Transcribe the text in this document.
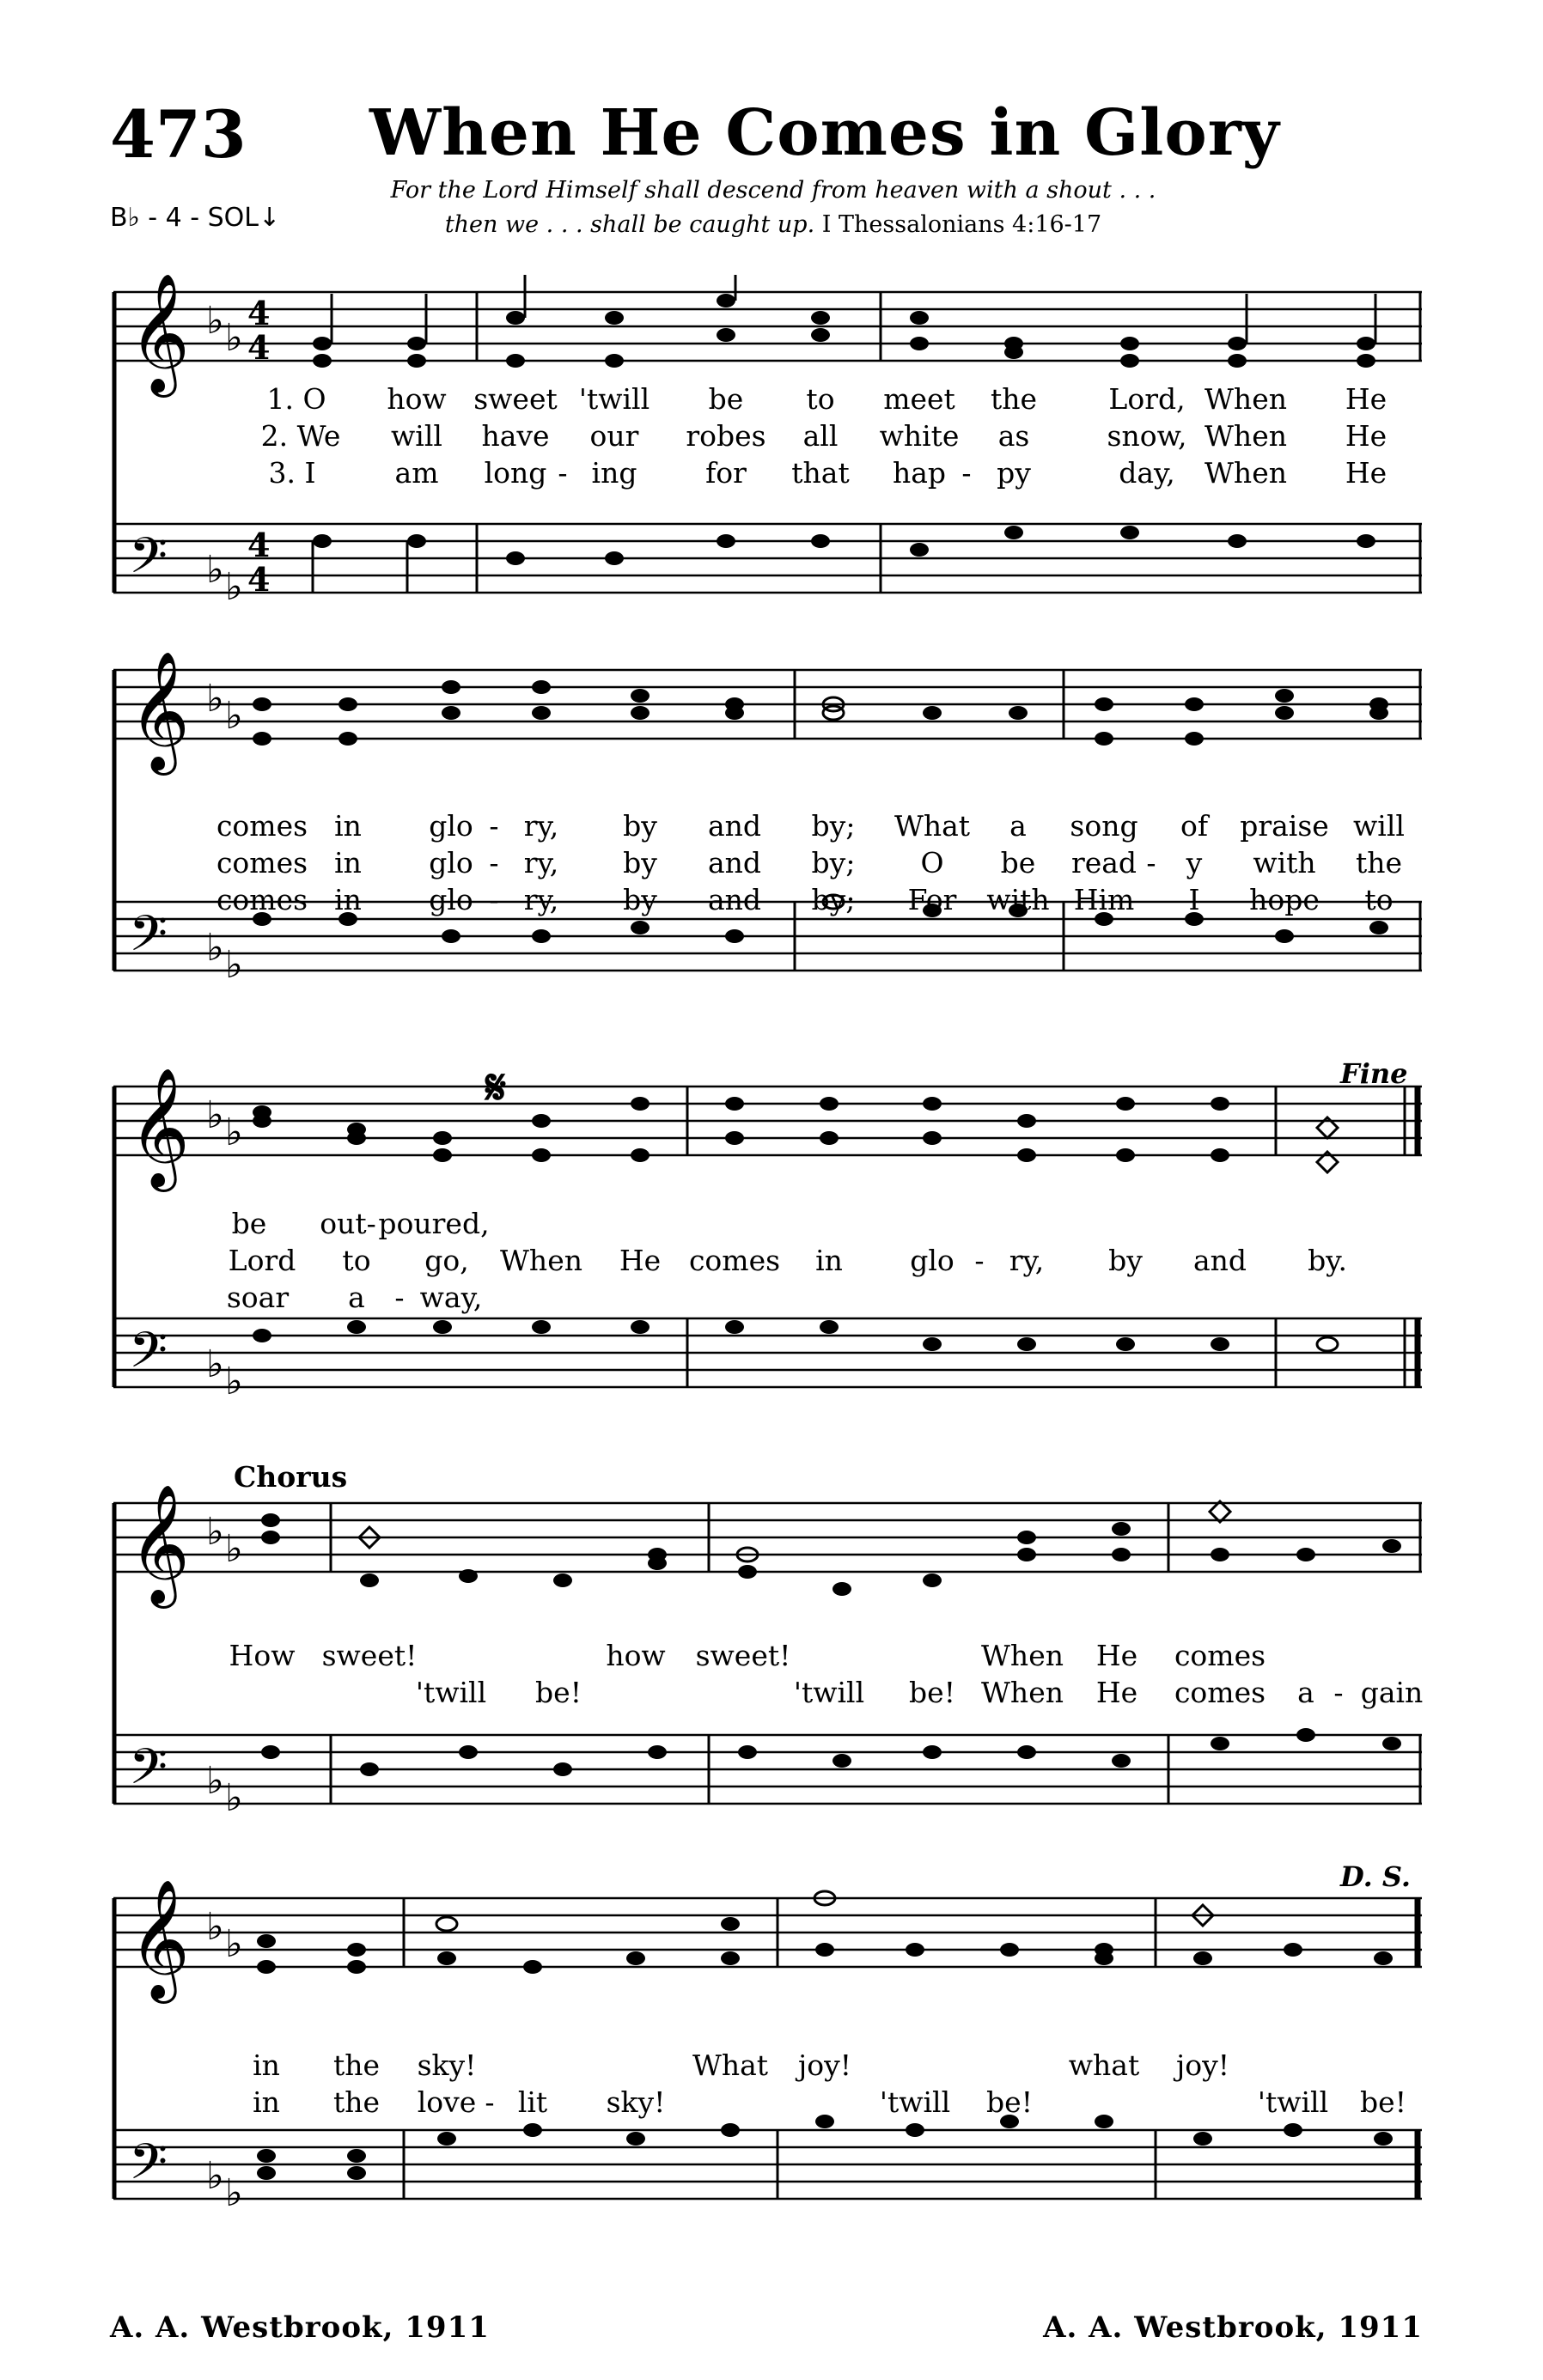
473 When He Comes in Glory
B♭ - 4 - SOL↓
For the Lord Himself shall descend from heaven with a shout . . .
then we . . . shall be caught up. I Thessalonians 4:16-17
𝄞
𝄢
♭ ♭
♭ ♭
4
4
4
4
1. O how sweet 'twill be to meet the	Lord, When He
2. We will have our robes all white as	snow, When He
3. I	am long - ing for that hap - py	day, When He
𝄞
𝄢
♭ ♭
♭ ♭
comes in glo - ry, by and by; What a song of praise will
comes in glo - ry, by and by; O be read - y with the
comes in glo - ry, by and by; For with Him I hope to
Fine
𝄋
𝄞
𝄢
♭ ♭
♭ ♭
be out- poured,
Lord to go, When He comes in glo - ry, by and by.
soar a - way,
Chorus
𝄞
𝄢
♭ ♭
♭ ♭
How sweet!	how sweet!	When He comes
'twill be!	'twill be! When He comes a - gain
D. S.
𝄞
𝄢
♭ ♭
♭ ♭
in the sky!	What joy!	what joy!
in the love - lit sky!	'twill be!	'twill be!
A. A. Westbrook, 1911	A. A. Westbrook, 1911
